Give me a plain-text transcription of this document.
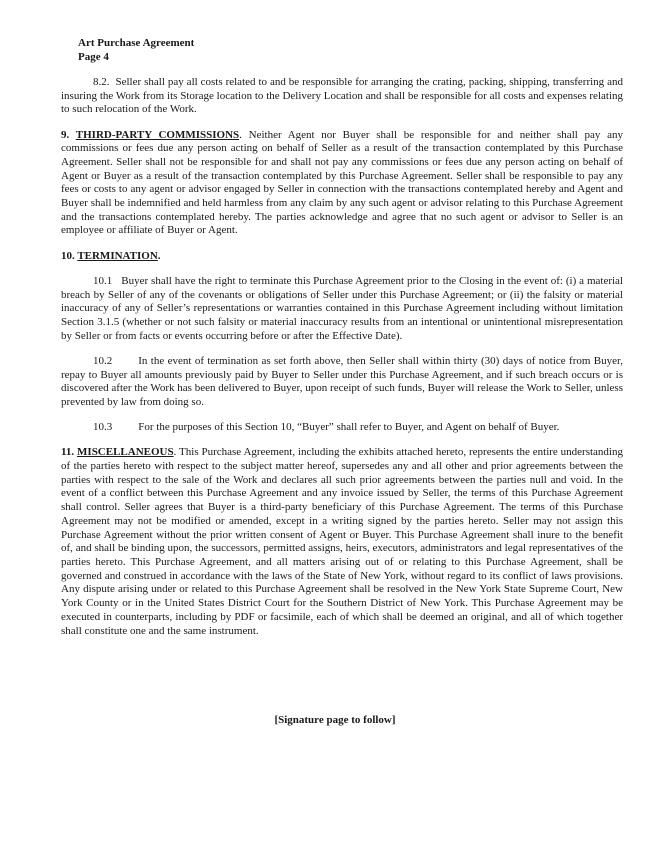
Art Purchase Agreement
Page 4

8.2. Seller shall pay all costs related to and be responsible for arranging the crating, packing, shipping, transferring and insuring the Work from its Storage location to the Delivery Location and shall be responsible for all costs and expenses relating to such relocation of the Work.

9. THIRD-PARTY COMMISSIONS. Neither Agent nor Buyer shall be responsible for and neither shall pay any commissions or fees due any person acting on behalf of Seller as a result of the transaction contemplated by this Purchase Agreement. Seller shall not be responsible for and shall not pay any commissions or fees due any person acting on behalf of Agent or Buyer as a result of the transaction contemplated by this Purchase Agreement. Seller shall be responsible to pay any fees or costs to any agent or advisor engaged by Seller in connection with the transactions contemplated hereby and Agent and Buyer shall be indemnified and held harmless from any claim by any such agent or advisor relating to this Purchase Agreement and the transactions contemplated hereby. The parties acknowledge and agree that no such agent or advisor to Seller is an employee or affiliate of Buyer or Agent.

10. TERMINATION.

10.1 Buyer shall have the right to terminate this Purchase Agreement prior to the Closing in the event of: (i) a material breach by Seller of any of the covenants or obligations of Seller under this Purchase Agreement; or (ii) the falsity or material inaccuracy of any of Seller’s representations or warranties contained in this Purchase Agreement including without limitation Section 3.1.5 (whether or not such falsity or material inaccuracy results from an intentional or unintentional misrepresentation by Seller or from facts or events occurring before or after the Effective Date).

10.2 In the event of termination as set forth above, then Seller shall within thirty (30) days of notice from Buyer, repay to Buyer all amounts previously paid by Buyer to Seller under this Purchase Agreement, and if such breach occurs or is discovered after the Work has been delivered to Buyer, upon receipt of such funds, Buyer will release the Work to Seller, unless prevented by law from doing so.

10.3 For the purposes of this Section 10, “Buyer” shall refer to Buyer, and Agent on behalf of Buyer.

11. MISCELLANEOUS. This Purchase Agreement, including the exhibits attached hereto, represents the entire understanding of the parties hereto with respect to the subject matter hereof, supersedes any and all other and prior agreements between the parties with respect to the sale of the Work and declares all such prior agreements between the parties null and void. In the event of a conflict between this Purchase Agreement and any invoice issued by Seller, the terms of this Purchase Agreement shall control. Seller agrees that Buyer is a third-party beneficiary of this Purchase Agreement. The terms of this Purchase Agreement may not be modified or amended, except in a writing signed by the parties hereto. Seller may not assign this Purchase Agreement without the prior written consent of Agent or Buyer. This Purchase Agreement shall inure to the benefit of, and shall be binding upon, the successors, permitted assigns, heirs, executors, administrators and legal representatives of the parties hereto. This Purchase Agreement, and all matters arising out of or relating to this Purchase Agreement, shall be governed and construed in accordance with the laws of the State of New York, without regard to its conflict of laws provisions. Any dispute arising under or related to this Purchase Agreement shall be resolved in the New York State Supreme Court, New York County or in the United States District Court for the Southern District of New York. This Purchase Agreement may be executed in counterparts, including by PDF or facsimile, each of which shall be deemed an original, and all of which together shall constitute one and the same instrument.

[Signature page to follow]
